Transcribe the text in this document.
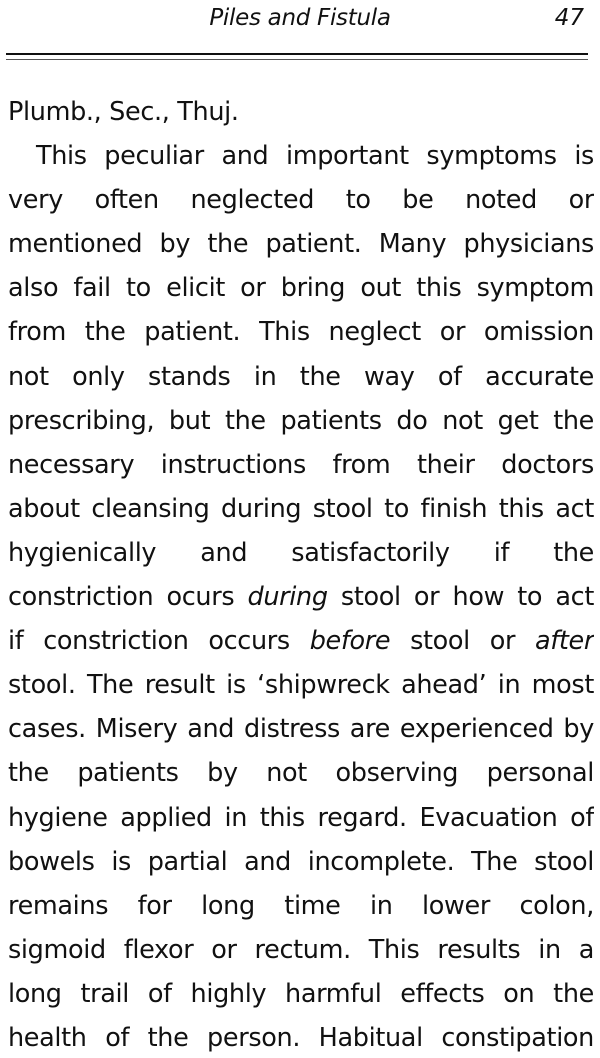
Piles and Fistula	47
Plumb., Sec., Thuj.
This peculiar and important symptoms is
very often neglected to be noted or
mentioned by the patient. Many physicians
also fail to elicit or bring out this symptom
from the patient. This neglect or omission
not only stands in the way of accurate
prescribing, but the patients do not get the
necessary instructions from their doctors
about cleansing during stool to finish this act
hygienically and satisfactorily if the
constriction ocurs during stool or how to act
if constriction occurs before stool or after
stool. The result is ‘shipwreck ahead’ in most
cases. Misery and distress are experienced by
the patients by not observing personal
hygiene applied in this regard. Evacuation of
bowels is partial and incomplete. The stool
remains for long time in lower colon,
sigmoid flexor or rectum. This results in a
long trail of highly harmful effects on the
health of the person. Habitual constipation
